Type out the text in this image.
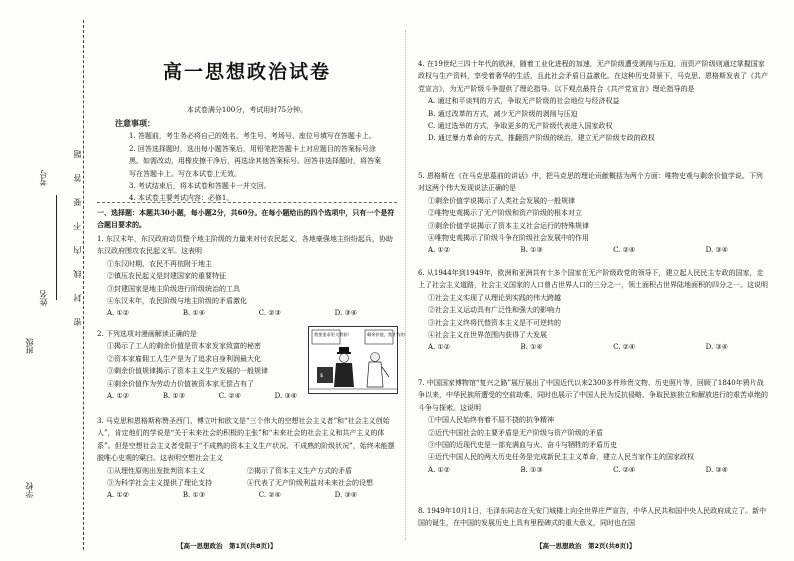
考号
姓名
班级
学校
题
答
要
不
内
线
封
密
高一思想政治试卷
本试卷满分100分，考试用时75分钟。
注意事项：
1. 答题前，考生务必将自己的姓名、考生号、考场号、座位号填写在答题卡上。
2. 回答选择题时，选出每小题答案后，用铅笔把答题卡上对应题目的答案标号涂黑。如需改动，用橡皮擦干净后，再选涂其他答案标号。回答非选择题时，将答案写在答题卡上。写在本试卷上无效。
3. 考试结束后，将本试卷和答题卡一并交回。
4. 本试卷主要考试内容：必修1。

一、选择题：本题共30小题，每小题2分，共60分。在每小题给出的四个选项中，只有一个是符合题目要求的。

1. 东汉末年，东汉政府动员整个地主阶级的力量来对付农民起义，各地豪强地主纷纷起兵，协助东汉政府围攻农民起义军。这表明

①东汉时期，农民不再依附于地主

②镇压农民起义是封建国家的重要特征

③封建国家是地主阶级进行阶级统治的工具

④东汉末年，农民阶级与地主阶级的矛盾激化

A. ①②	B. ①④	C. ②③	D. ③④

2. 下列选项对漫画解读正确的是

①揭示了工人的剩余价值是资本家发家致富的秘密

②资本家雇佣工人生产是为了追求自身利润最大化

③剩余价值规律揭示了资本主义生产发展的一般规律

④剩余价值作为劳动力价值被资本家无偿占有了

A. ①②	B. ①③	C. ②④	D. ③④
我要追求更大利润！	剩余价值，我才有的！
$

3. 马克思和恩格斯称赞圣西门、傅立叶和欧文是“三个伟大的空想社会主义者”和“社会主义创始人”，肯定他们的学说是“关于未来社会的积极的主张”和“未来社会的社会主义和共产主义的体系”。但是空想社会主义者受限于“不成熟的资本主义生产状况、不成熟的阶级状况”，始终未能摆脱唯心史观的窠臼。这表明空想社会主义

①从理性原则出发批判资本主义	②揭示了资本主义生产方式的矛盾
③为科学社会主义提供了理论支持	④代表了无产阶级利益对未来社会的设想
A. ①②	B. ①③	C. ②④	D. ③④
【高一思想政治　第1页(共8页)】

4. 在19世纪三四十年代的欧洲，随着工业化进程的加速，无产阶级遭受剥削与压迫，而资产阶级则通过掌握国家政权与生产资料，享受着奢华的生活，且此社会矛盾日益激化。在这种历史背景下，马克思、恩格斯发表了《共产党宣言》，为无产阶级斗争提供了理论指导。以下观点最符合《共产党宣言》理论指导的是

A. 通过和平谈判的方式，争取无产阶级的社会地位与经济权益

B. 通过改革的方式，减少无产阶级的剥削与压迫

C. 通过选举的方式，争取更多的无产阶级代表进入国家政权

D. 通过暴力革命的方式，推翻资产阶级的统治，建立无产阶级专政的政权

5. 恩格斯在《在马克思墓前的讲话》中，把马克思的理论贡献概括为两个方面：唯物史观与剩余价值学说。下列对这两个伟大发现说法正确的是

①剩余价值学说揭示了人类社会发展的一般规律

②唯物史观揭示了无产阶级和资产阶级的根本对立

③剩余价值学说揭示了资本主义社会运行的特殊规律

④唯物史观揭示了阶级斗争在阶级社会发展中的作用

A. ①②	B. ①③	C. ②④	D. ③④

6. 从1944年到1949年，欧洲和亚洲共有十多个国家在无产阶级政党的领导下，建立起人民民主专政的国家，走上了社会主义道路，社会主义国家的人口曾占世界人口的三分之一，领土面积占世界陆地面积的四分之一。这说明

①社会主义实现了从理论到实践的伟大跨越

②社会主义运动具有广泛性和强大的影响力

③社会主义终将代替资本主义是不可逆转的

④社会主义在世界范围内获得了大发展

A. ①②	B. ①④	C. ②④	D. ③④

7. 中国国家博物馆“复兴之路”展厅展出了中国近代以来2300多件珍贵文物、历史照片等，回顾了1840年鸦片战争以来，中华民族所遭受的空前劫难，同时也展示了中国人民为反抗侵略、争取民族独立和解放进行的艰苦卓绝的斗争与探索。这说明

①中国人民始终有着不屈不挠的抗争精神

②近代中国社会的主要矛盾是无产阶级与资产阶级的矛盾

③中国的近现代史是一部充满血与火、奋斗与牺牲的矛盾历史

④近代中国人民的两大历史任务是完成新民主主义革命，建立人民当家作主的国家政权

A. ①②	B. ①③	C. ②④	D. ③④

8. 1949年10月1日，毛泽东同志在天安门城楼上向全世界庄严宣告，中华人民共和国中央人民政府成立了。新中国的诞生，在中国的发展历史上具有里程碑式的重大意义，同时也在国

【高一思想政治　第2页(共8页)】
